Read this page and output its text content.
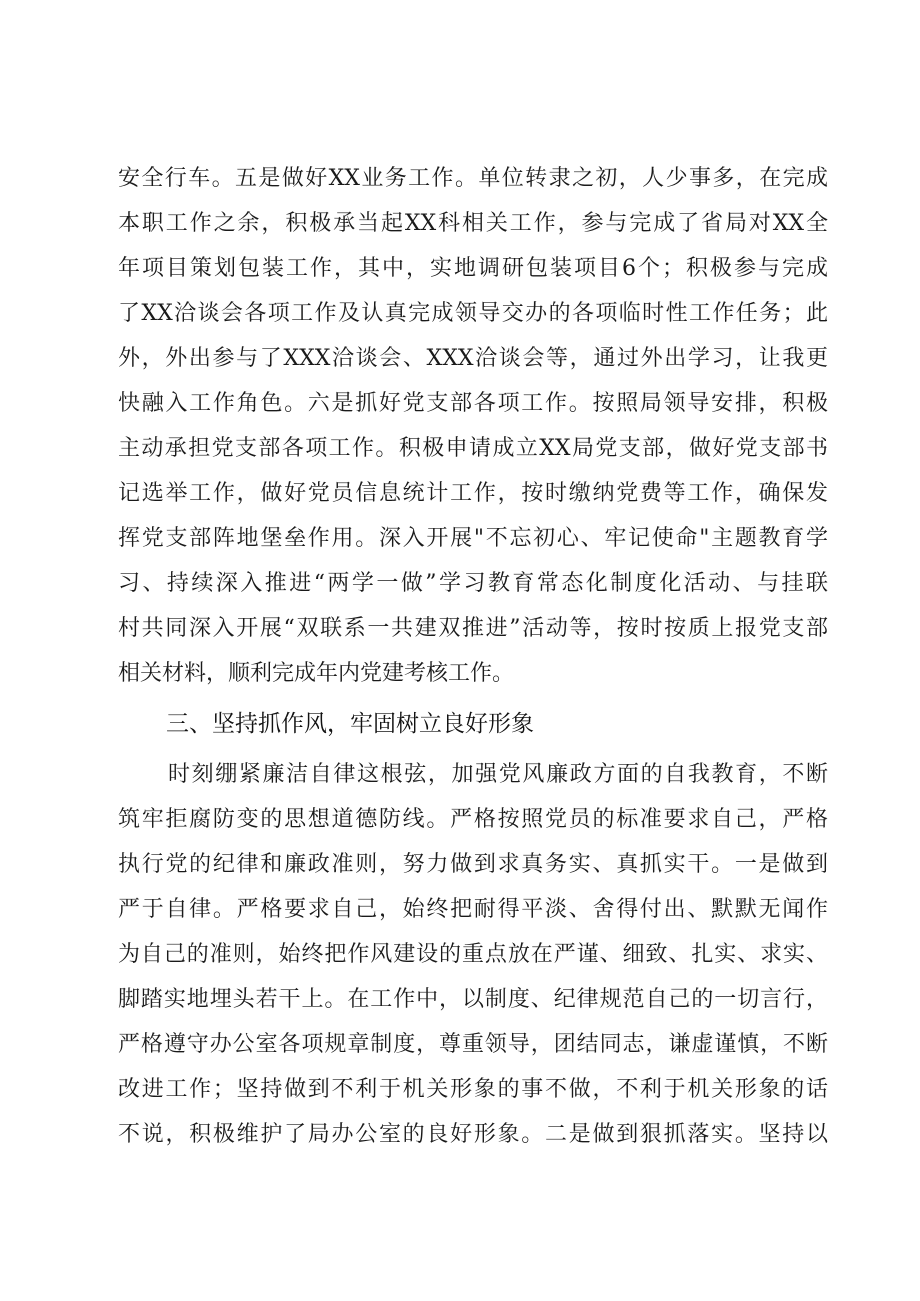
安全行车。五是做好XX业务工作。单位转隶之初，人少事多，在完成
本职工作之余，积极承当起XX科相关工作，参与完成了省局对XX全
年项目策划包装工作，其中，实地调研包装项目6个；积极参与完成
了XX洽谈会各项工作及认真完成领导交办的各项临时性工作任务；此
外，外出参与了XXX洽谈会、XXX洽谈会等，通过外出学习，让我更
快融入工作角色。六是抓好党支部各项工作。按照局领导安排，积极
主动承担党支部各项工作。积极申请成立XX局党支部，做好党支部书
记选举工作，做好党员信息统计工作，按时缴纳党费等工作，确保发
挥党支部阵地堡垒作用。深入开展"不忘初心、牢记使命"主题教育学
习、持续深入推进“两学一做”学习教育常态化制度化活动、与挂联
村共同深入开展“双联系一共建双推进”活动等，按时按质上报党支部
相关材料，顺利完成年内党建考核工作。
三、坚持抓作风，牢固树立良好形象
时刻绷紧廉洁自律这根弦，加强党风廉政方面的自我教育，不断
筑牢拒腐防变的思想道德防线。严格按照党员的标准要求自己，严格
执行党的纪律和廉政准则，努力做到求真务实、真抓实干。一是做到
严于自律。严格要求自己，始终把耐得平淡、舍得付出、默默无闻作
为自己的准则，始终把作风建设的重点放在严谨、细致、扎实、求实、
脚踏实地埋头若干上。在工作中，以制度、纪律规范自己的一切言行，
严格遵守办公室各项规章制度，尊重领导，团结同志，谦虚谨慎，不断
改进工作；坚持做到不利于机关形象的事不做，不利于机关形象的话
不说，积极维护了局办公室的良好形象。二是做到狠抓落实。坚持以
